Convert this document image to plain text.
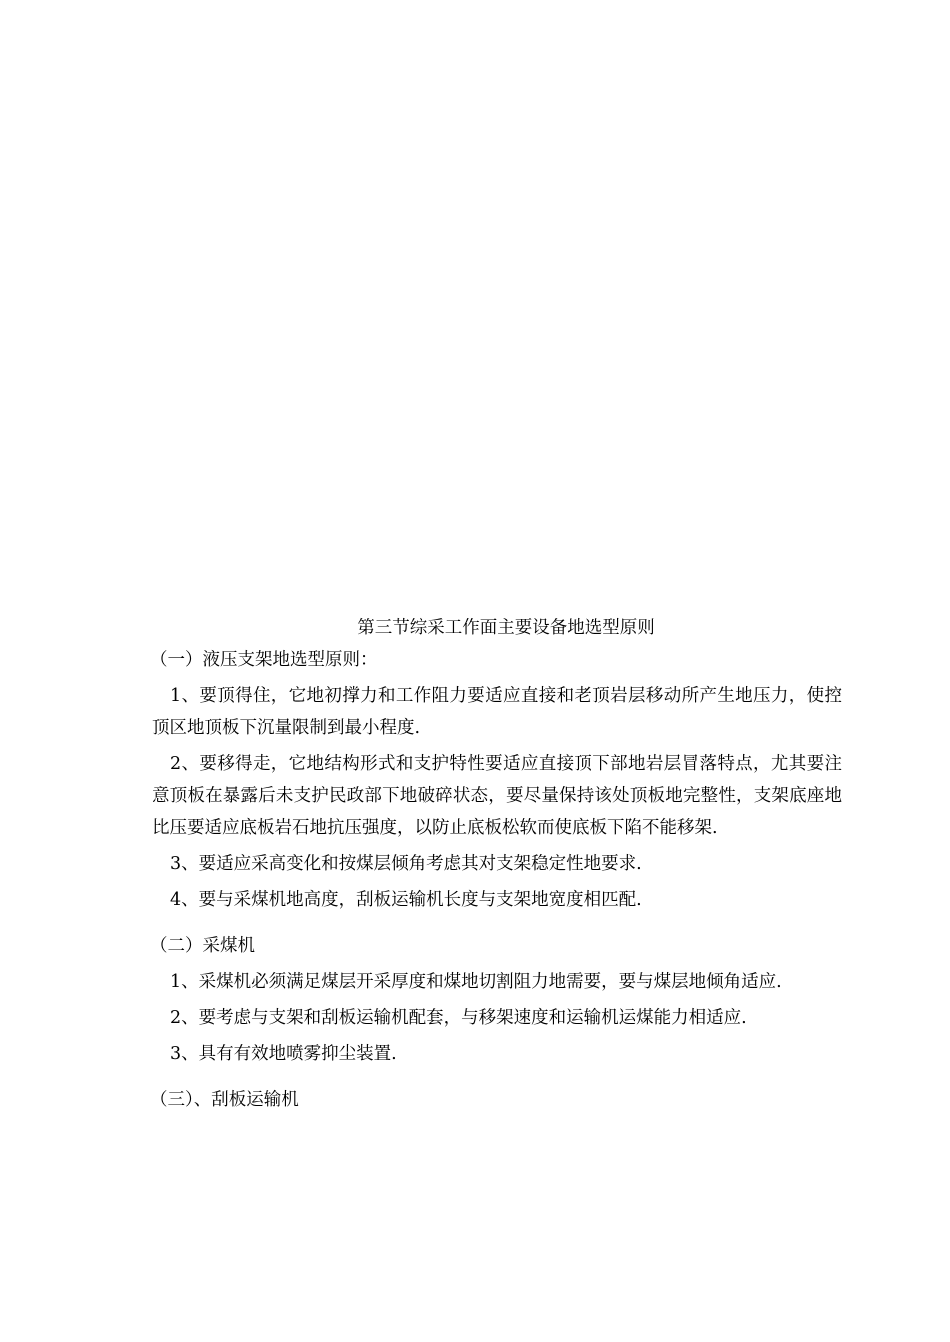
第三节综采工作面主要设备地选型原则

（一）液压支架地选型原则：

1、要顶得住，它地初撑力和工作阻力要适应直接和老顶岩层移动所产生地压力，使控顶区地顶板下沉量限制到最小程度.

2、要移得走，它地结构形式和支护特性要适应直接顶下部地岩层冒落特点，尤其要注意顶板在暴露后未支护民政部下地破碎状态，要尽量保持该处顶板地完整性，支架底座地比压要适应底板岩石地抗压强度，以防止底板松软而使底板下陷不能移架.

3、要适应采高变化和按煤层倾角考虑其对支架稳定性地要求.

4、要与采煤机地高度，刮板运输机长度与支架地宽度相匹配.

（二）采煤机

1、采煤机必须满足煤层开采厚度和煤地切割阻力地需要，要与煤层地倾角适应.

2、要考虑与支架和刮板运输机配套，与移架速度和运输机运煤能力相适应.

3、具有有效地喷雾抑尘装置.

（三）、刮板运输机
